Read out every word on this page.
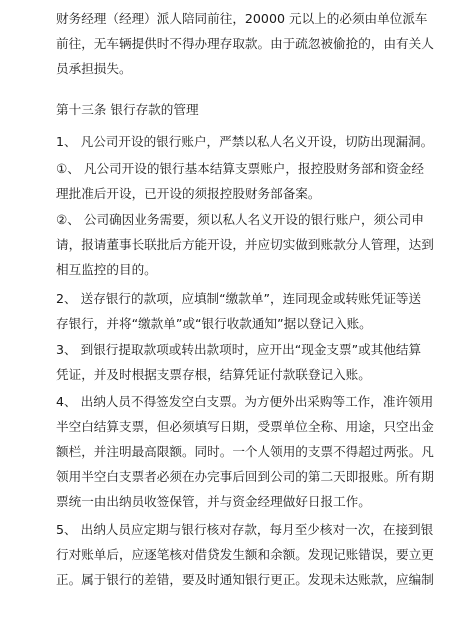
财务经理（经理）派人陪同前往，20000 元以上的必须由单位派车
前往，无车辆提供时不得办理存取款。由于疏忽被偷抢的，由有关人
员承担损失。

第十三条 银行存款的管理

1、 凡公司开设的银行账户，严禁以私人名义开设，切防出现漏洞。

①、 凡公司开设的银行基本结算支票账户，报控股财务部和资金经
理批准后开设，已开设的须报控股财务部备案。

②、 公司确因业务需要，须以私人名义开设的银行账户，须公司申
请，报请董事长联批后方能开设，并应切实做到账款分人管理，达到
相互监控的目的。

2、 送存银行的款项，应填制“缴款单”，连同现金或转账凭证等送
存银行，并将“缴款单”或“银行收款通知”据以登记入账。

3、 到银行提取款项或转出款项时，应开出“现金支票”或其他结算
凭证，并及时根据支票存根，结算凭证付款联登记入账。

4、 出纳人员不得签发空白支票。为方便外出采购等工作，准许领用
半空白结算支票，但必须填写日期，受票单位全称、用途，只空出金
额栏，并注明最高限额。同时。一个人领用的支票不得超过两张。凡
领用半空白支票者必须在办完事后回到公司的第二天即报账。所有期
票统一由出纳员收签保管，并与资金经理做好日报工作。

5、 出纳人员应定期与银行核对存款，每月至少核对一次，在接到银
行对账单后，应逐笔核对借贷发生额和余额。发现记账错误，要立更
正。属于银行的差错，要及时通知银行更正。发现未达账款，应编制
